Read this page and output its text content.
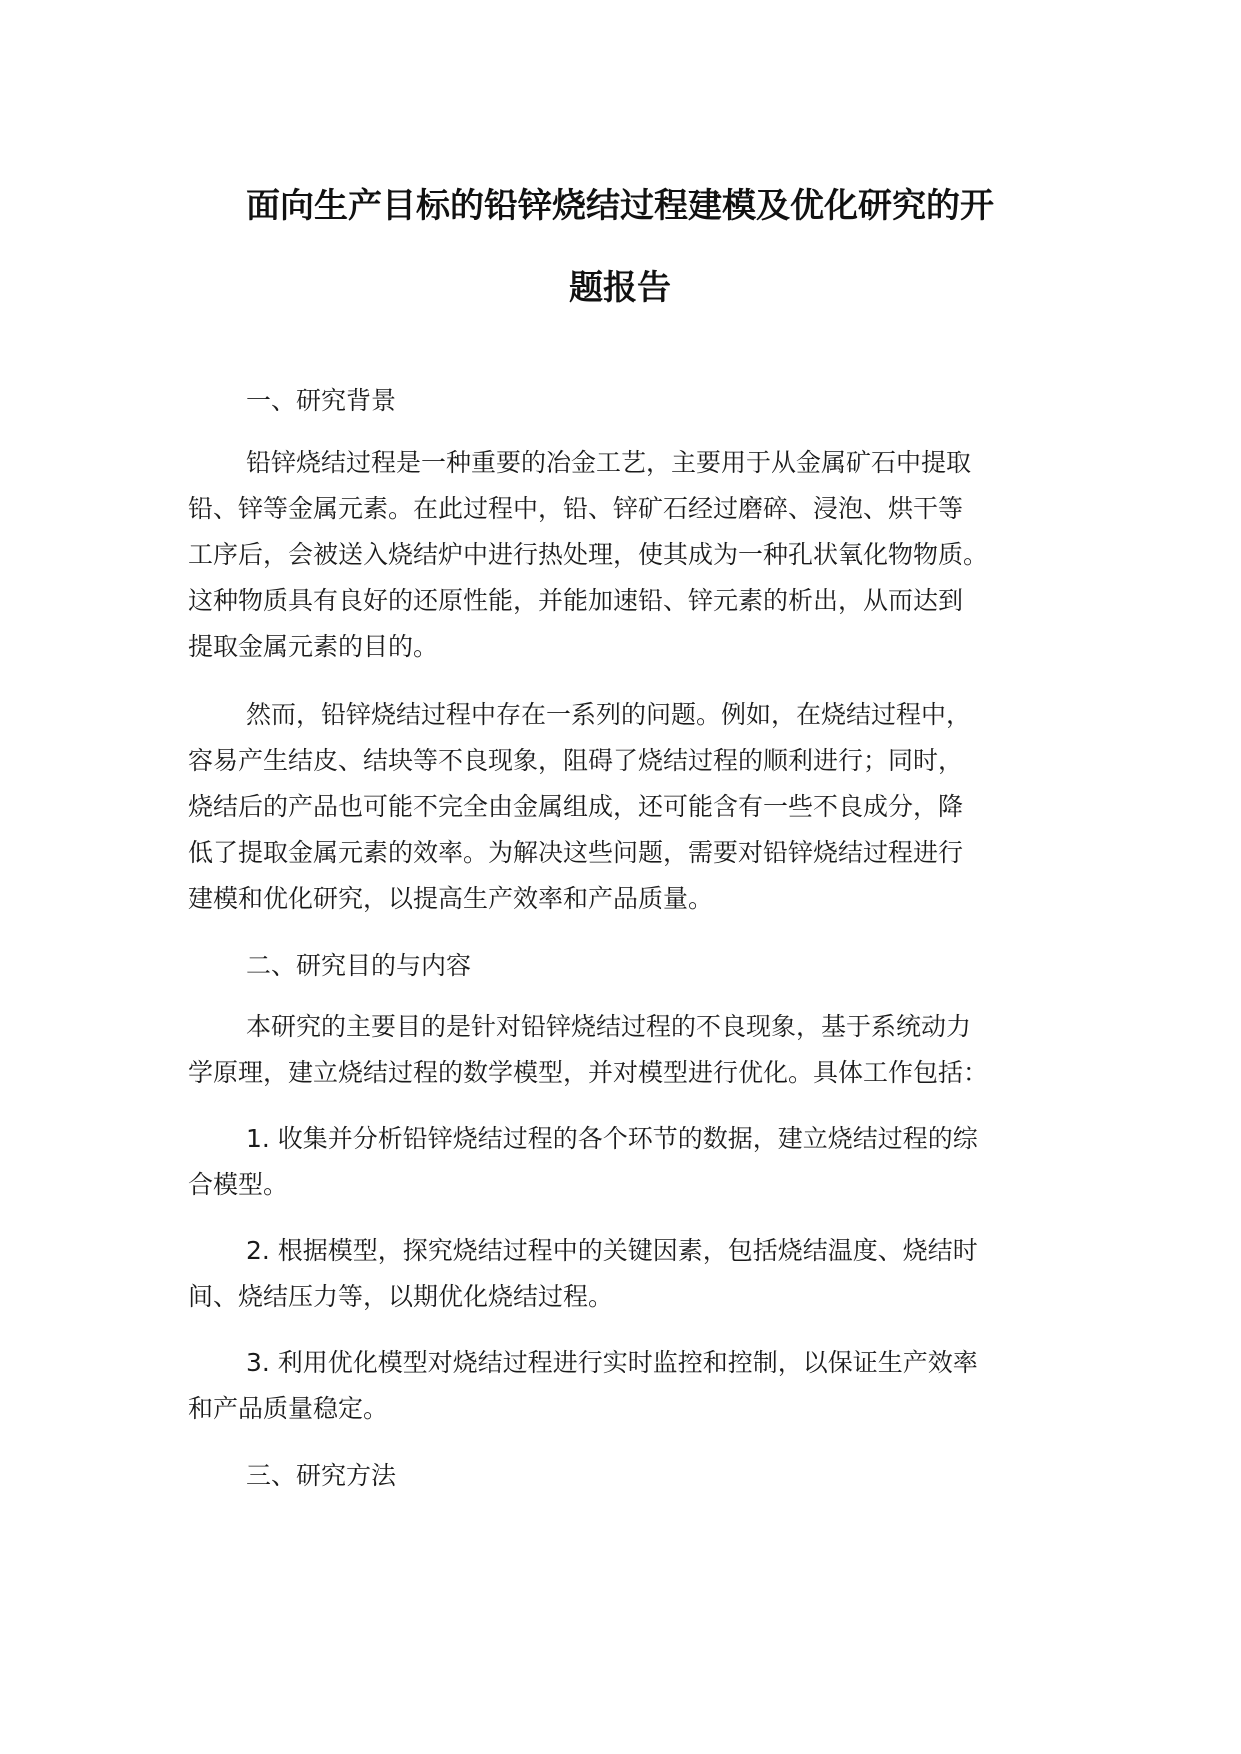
面向生产目标的铅锌烧结过程建模及优化研究的开
题报告

一、研究背景

铅锌烧结过程是一种重要的冶金工艺，主要用于从金属矿石中提取
铅、锌等金属元素。在此过程中，铅、锌矿石经过磨碎、浸泡、烘干等
工序后，会被送入烧结炉中进行热处理，使其成为一种孔状氧化物物质。
这种物质具有良好的还原性能，并能加速铅、锌元素的析出，从而达到
提取金属元素的目的。

然而，铅锌烧结过程中存在一系列的问题。例如，在烧结过程中，
容易产生结皮、结块等不良现象，阻碍了烧结过程的顺利进行；同时，
烧结后的产品也可能不完全由金属组成，还可能含有一些不良成分，降
低了提取金属元素的效率。为解决这些问题，需要对铅锌烧结过程进行
建模和优化研究，以提高生产效率和产品质量。

二、研究目的与内容

本研究的主要目的是针对铅锌烧结过程的不良现象，基于系统动力
学原理，建立烧结过程的数学模型，并对模型进行优化。具体工作包括：

1. 收集并分析铅锌烧结过程的各个环节的数据，建立烧结过程的综
合模型。

2. 根据模型，探究烧结过程中的关键因素，包括烧结温度、烧结时
间、烧结压力等，以期优化烧结过程。

3. 利用优化模型对烧结过程进行实时监控和控制，以保证生产效率
和产品质量稳定。

三、研究方法
